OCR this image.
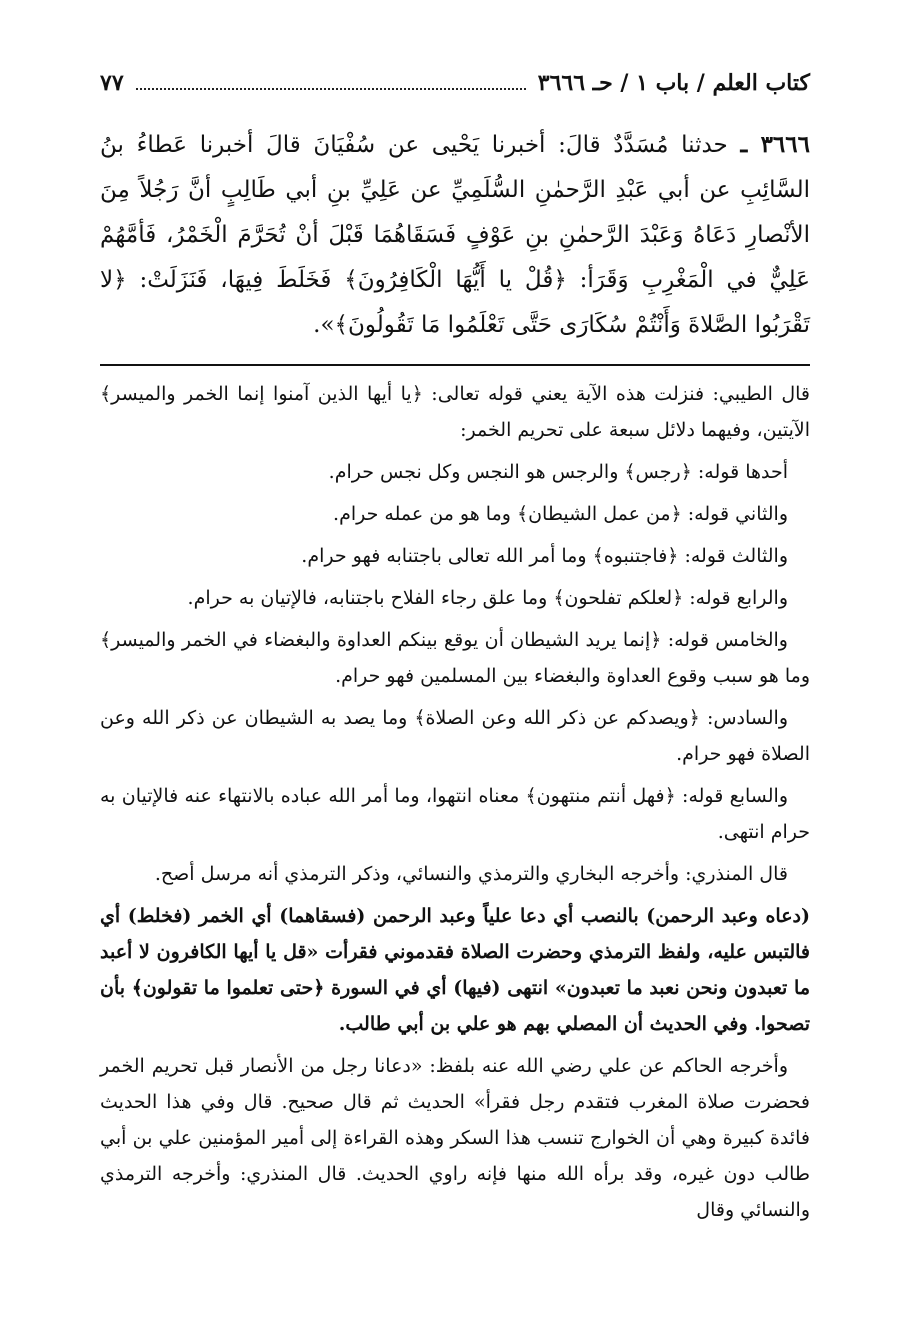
كتاب العلم / باب ١ / حـ ٣٦٦٦
٧٧
٣٦٦٦ ـ حدثنا مُسَدَّدٌ قالَ: أخبرنا يَحْيى عن سُفْيَانَ قالَ أخبرنا عَطاءُ بنُ السَّائِبِ عن أبي عَبْدِ الرَّحمٰنِ السُّلَمِيِّ عن عَلِيِّ بنِ أبي طَالِبٍ أنَّ رَجُلاً مِنَ الأنْصارِ دَعَاهُ وَعَبْدَ الرَّحمٰنِ بنِ عَوْفٍ فَسَقَاهُمَا قَبْلَ أنْ تُحَرَّمَ الْخَمْرُ، فَأمَّهُمْ عَلِيٌّ في الْمَغْرِبِ وَقَرَأ: ﴿قُلْ يا أَيُّهَا الْكَافِرُونَ﴾ فَخَلَطَ فِيهَا، فَنَزَلَتْ: ﴿لا تَقْرَبُوا الصَّلاةَ وَأَنْتُمْ سُكَارَى حَتَّى تَعْلَمُوا مَا تَقُولُونَ﴾».

قال الطيبي: فنزلت هذه الآية يعني قوله تعالى: ﴿يا أيها الذين آمنوا إنما الخمر والميسر﴾ الآيتين، وفيهما دلائل سبعة على تحريم الخمر:

أحدها قوله: ﴿رجس﴾ والرجس هو النجس وكل نجس حرام.

والثاني قوله: ﴿من عمل الشيطان﴾ وما هو من عمله حرام.

والثالث قوله: ﴿فاجتنبوه﴾ وما أمر الله تعالى باجتنابه فهو حرام.

والرابع قوله: ﴿لعلكم تفلحون﴾ وما علق رجاء الفلاح باجتنابه، فالإتيان به حرام.

والخامس قوله: ﴿إنما يريد الشيطان أن يوقع بينكم العداوة والبغضاء في الخمر والميسر﴾ وما هو سبب وقوع العداوة والبغضاء بين المسلمين فهو حرام.

والسادس: ﴿ويصدكم عن ذكر الله وعن الصلاة﴾ وما يصد به الشيطان عن ذكر الله وعن الصلاة فهو حرام.

والسابع قوله: ﴿فهل أنتم منتهون﴾ معناه انتهوا، وما أمر الله عباده بالانتهاء عنه فالإتيان به حرام انتهى.

قال المنذري: وأخرجه البخاري والترمذي والنسائي، وذكر الترمذي أنه مرسل أصح.

(دعاه وعبد الرحمن) بالنصب أي دعا علياً وعبد الرحمن (فسقاهما) أي الخمر (فخلط) أي فالتبس عليه، ولفظ الترمذي وحضرت الصلاة فقدموني فقرأت «قل يا أيها الكافرون لا أعبد ما تعبدون ونحن نعبد ما تعبدون» انتهى (فيها) أي في السورة ﴿حتى تعلموا ما تقولون﴾ بأن تصحوا. وفي الحديث أن المصلي بهم هو علي بن أبي طالب.

وأخرجه الحاكم عن علي رضي الله عنه بلفظ: «دعانا رجل من الأنصار قبل تحريم الخمر فحضرت صلاة المغرب فتقدم رجل فقرأ» الحديث ثم قال صحيح. قال وفي هذا الحديث فائدة كبيرة وهي أن الخوارج تنسب هذا السكر وهذه القراءة إلى أمير المؤمنين علي بن أبي طالب دون غيره، وقد برأه الله منها فإنه راوي الحديث. قال المنذري: وأخرجه الترمذي والنسائي وقال
